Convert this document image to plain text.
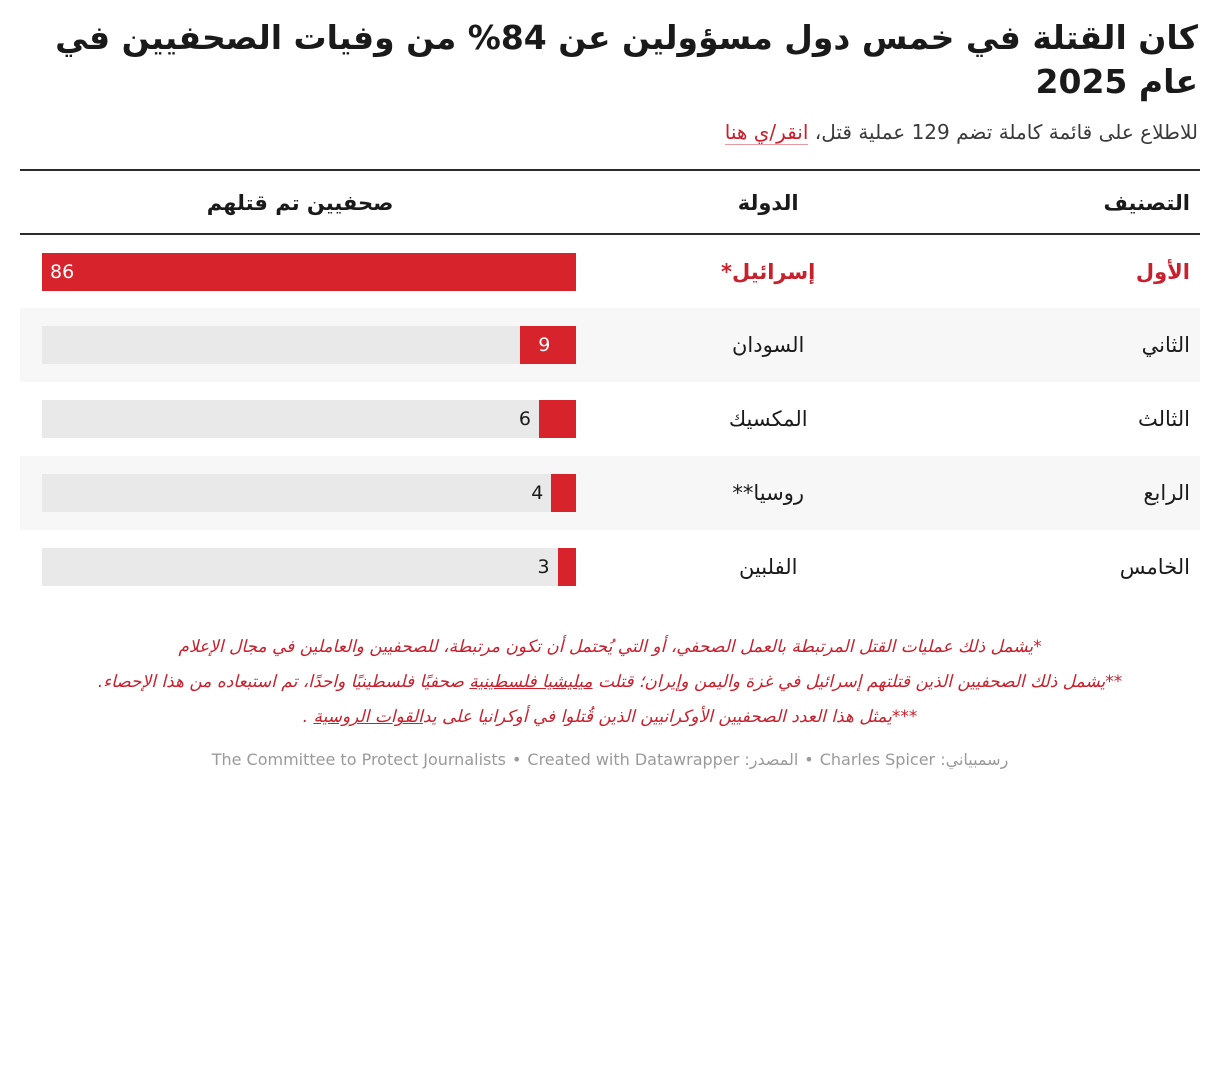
كان القتلة في خمس دول مسؤولين عن 84% من وفيات الصحفيين في عام 2025

للاطلاع على قائمة كاملة تضم 129 عملية قتل، انقر/ي هنا

التصنيف	الدولة	صحفيين تم قتلهم
الأول	إسرائيل*	86

الثاني	السودان	9

الثالث	المكسيك	6

الرابع	روسيا**	4

الخامس	الفلبين	3

*يشمل ذلك عمليات القتل المرتبطة بالعمل الصحفي، أو التي يُحتمل أن تكون مرتبطة، للصحفيين والعاملين في مجال الإعلام

**يشمل ذلك الصحفيين الذين قتلتهم إسرائيل في غزة واليمن وإيران؛ قتلت ميليشيا فلسطينية صحفيًا فلسطينيًا واحدًا، تم استبعاده من هذا الإحصاء.

***يمثل هذا العدد الصحفيين الأوكرانيين الذين قُتلوا في أوكرانيا على يدالقوات الروسية .

رسمبياني: Charles Spicer•المصدر: The Committee to Protect Journalists• Created with Datawrapper
